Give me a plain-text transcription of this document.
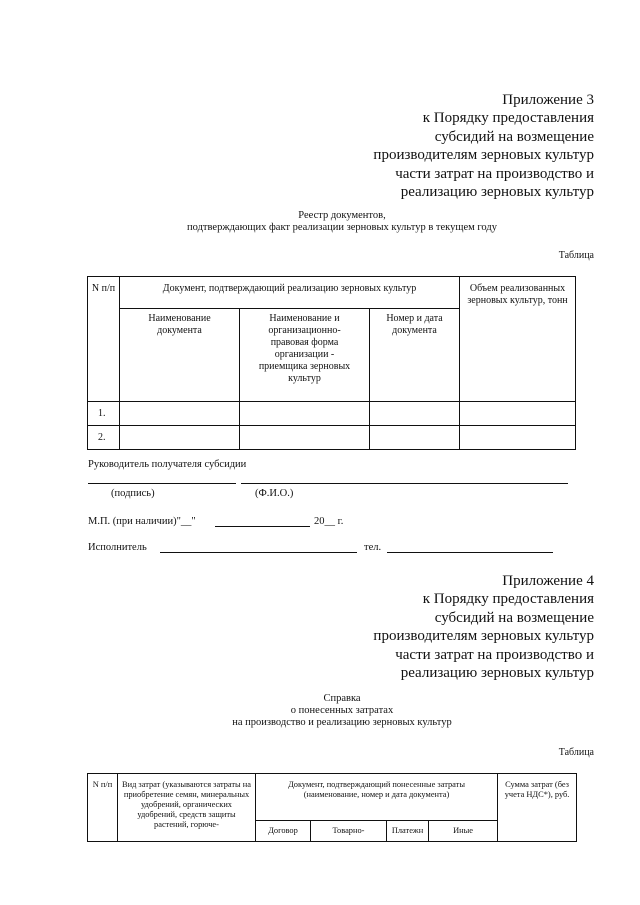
Приложение 3
к Порядку предоставления
субсидий на возмещение
производителям зерновых культур
части затрат на производство и
реализацию зерновых культур
Реестр документов,
подтверждающих факт реализации зерновых культур в текущем году
Таблица
N п/п	Документ, подтверждающий реализацию зерновых культур			Объем реализованных зерновых культур, тонн
	Наименование документа	Наименование и организационно-правовая форма организации - приемщика зерновых культур	Номер и дата документа	
1.				
2.				
Руководитель получателя субсидии
(подпись)	(Ф.И.О.)
М.П. (при наличии)"__"	20__ г.
Исполнитель	тел.
Приложение 4
к Порядку предоставления
субсидий на возмещение
производителям зерновых культур
части затрат на производство и
реализацию зерновых культур
Справка
о понесенных затратах
на производство и реализацию зерновых культур
Таблица
N п/п	Вид затрат (указываются затраты на приобретение семян, минеральных удобрений, органических удобрений, средств защиты растений, горюче-	Документ, подтверждающий понесенные затраты (наименование, номер и дата документа)				Сумма затрат (без учета НДС*), руб.
		Договор	Товарно-	Платежн	Иные	
